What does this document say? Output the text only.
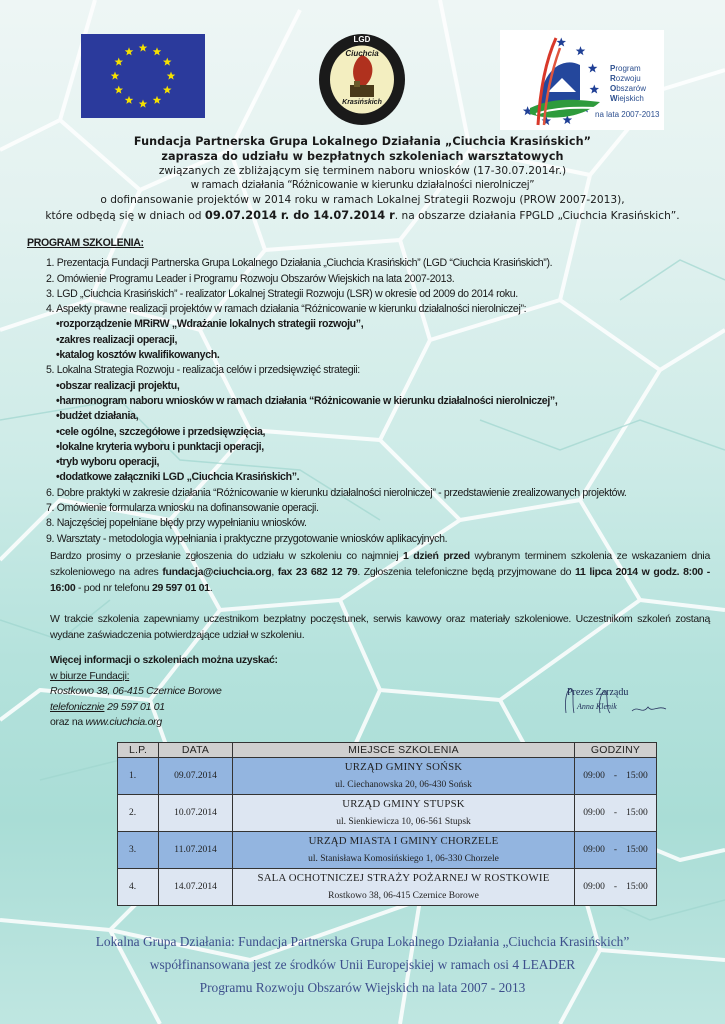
LGD
Ciuchcia
Krasińskich
Program
Rozwoju
Obszarów
Wiejskich
na lata 2007-2013
Fundacja Partnerska Grupa Lokalnego Działania „Ciuchcia Krasińskich”
zaprasza do udziału w bezpłatnych szkoleniach warsztatowych
związanych ze zbliżającym się terminem naboru wniosków (17-30.07.2014r.)
w ramach działania “Różnicowanie w kierunku działalności nierolniczej”
o dofinansowanie projektów w 2014 roku w ramach Lokalnej Strategii Rozwoju (PROW 2007-2013),
które odbędą się w dniach od 09.07.2014 r. do 14.07.2014 r. na obszarze działania FPGLD „Ciuchcia Krasińskich”.
PROGRAM SZKOLENIA:
1. Prezentacja Fundacji Partnerska Grupa Lokalnego Działania „Ciuchcia Krasińskich” (LGD “Ciuchcia Krasińskich”).
2. Omówienie Programu Leader i Programu Rozwoju Obszarów Wiejskich na lata 2007-2013.
3. LGD „Ciuchcia Krasińskich” - realizator Lokalnej Strategii Rozwoju (LSR) w okresie od 2009 do 2014 roku.
4. Aspekty prawne realizacji projektów w ramach działania “Różnicowanie w kierunku działalności nierolniczej”:
• rozporządzenie MRiRW „Wdrażanie lokalnych strategii rozwoju”,
• zakres realizacji operacji,
• katalog kosztów kwalifikowanych.
5. Lokalna Strategia Rozwoju - realizacja celów i przedsięwzięć strategii:
• obszar realizacji projektu,
• harmonogram naboru wniosków w ramach działania “Różnicowanie w kierunku działalności nierolniczej”,
• budżet działania,
• cele ogólne, szczegółowe i przedsięwzięcia,
• lokalne kryteria wyboru i punktacji operacji,
• tryb wyboru operacji,
• dodatkowe załączniki LGD „Ciuchcia Krasińskich”.
6. Dobre praktyki w zakresie działania “Różnicowanie w kierunku działalności nierolniczej” - przedstawienie zrealizowanych projektów.
7. Omówienie formularza wniosku na dofinansowanie operacji.
8. Najczęściej popełniane błędy przy wypełnianiu wniosków.
9. Warsztaty - metodologia wypełniania i praktyczne przygotowanie wniosków aplikacyjnych.

Bardzo prosimy o przesłanie zgłoszenia do udziału w szkoleniu co najmniej 1 dzień przed wybranym terminem szkolenia ze wskazaniem dnia szkoleniowego na adres fundacja@ciuchcia.org, fax 23 682 12 79. Zgłoszenia telefoniczne będą przyjmowane do 11 lipca 2014 w godz. 8:00 - 16:00 - pod nr telefonu 29 597 01 01.

W trakcie szkolenia zapewniamy uczestnikom bezpłatny poczęstunek, serwis kawowy oraz materiały szkoleniowe. Uczestnikom szkoleń zostaną wydane zaświadczenia potwierdzające udział w szkoleniu.

Więcej informacji o szkoleniach można uzyskać:
w biurze Fundacji:
Rostkowo 38, 06-415 Czernice Borowe
telefonicznie 29 597 01 01
oraz na www.ciuchcia.org
Prezes Zarządu
Anna Klenik
L.P.	DATA	MIEJSCE SZKOLENIA	GODZINY
1.	09.07.2014	URZĄD GMINY SOŃSK
ul. Ciechanowska 20, 06-430 Sońsk	09:00 - 15:00
2.	10.07.2014	URZĄD GMINY STUPSK
ul. Sienkiewicza 10, 06-561 Stupsk	09:00 - 15:00
3.	11.07.2014	URZĄD MIASTA I GMINY CHORZELE
ul. Stanisława Komosińskiego 1, 06-330 Chorzele	09:00 - 15:00
4.	14.07.2014	SALA OCHOTNICZEJ STRAŻY POŻARNEJ W ROSTKOWIE
Rostkowo 38, 06-415 Czernice Borowe	09:00 - 15:00
Lokalna Grupa Działania: Fundacja Partnerska Grupa Lokalnego Działania „Ciuchcia Krasińskich”
współfinansowana jest ze środków Unii Europejskiej w ramach osi 4 LEADER
Programu Rozwoju Obszarów Wiejskich na lata 2007 - 2013
